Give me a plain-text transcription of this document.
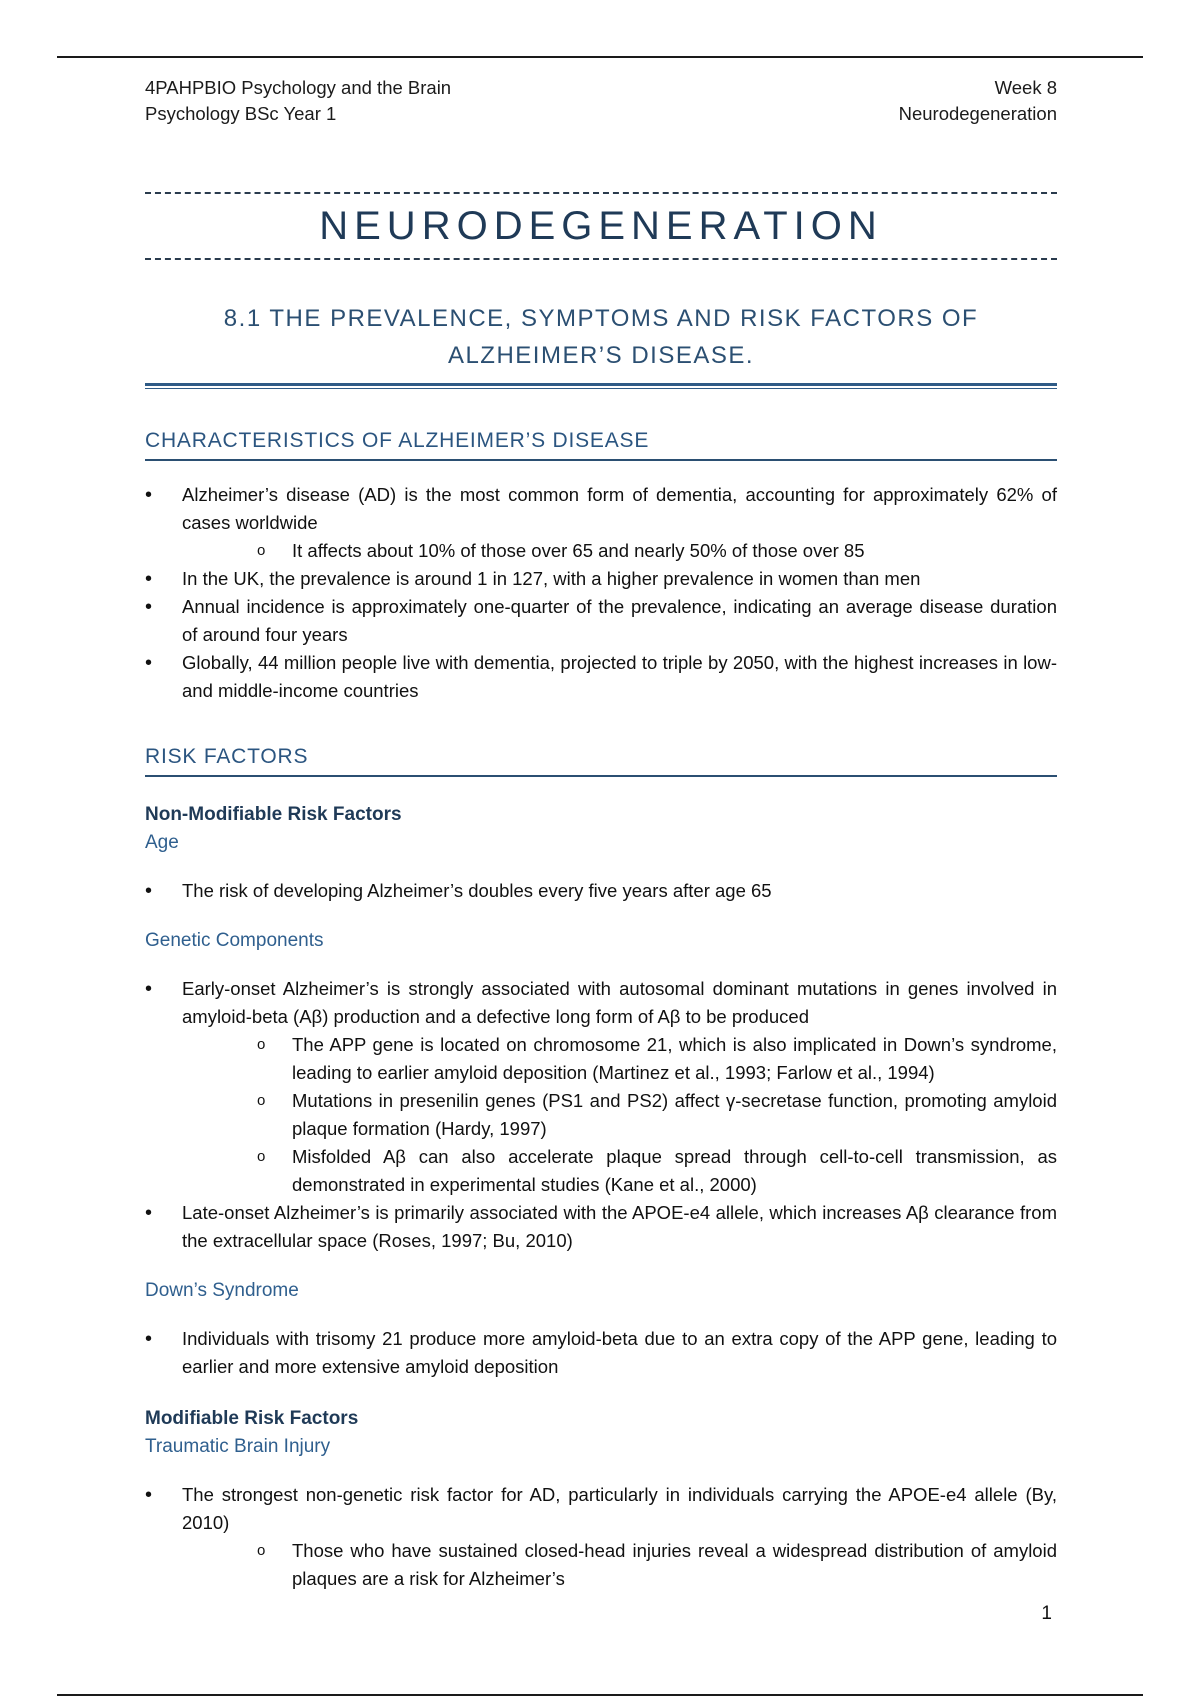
4PAHPBIO Psychology and the Brain
Psychology BSc Year 1
Week 8
Neurodegeneration
NEURODEGENERATION
8.1 THE PREVALENCE, SYMPTOMS AND RISK FACTORS OF
ALZHEIMER’S DISEASE.
CHARACTERISTICS OF ALZHEIMER’S DISEASE
• Alzheimer’s disease (AD) is the most common form of dementia, accounting for approximately 62% of cases worldwide
o It affects about 10% of those over 65 and nearly 50% of those over 85
• In the UK, the prevalence is around 1 in 127, with a higher prevalence in women than men
• Annual incidence is approximately one-quarter of the prevalence, indicating an average disease duration of around four years
• Globally, 44 million people live with dementia, projected to triple by 2050, with the highest increases in low- and middle-income countries
RISK FACTORS
Non-Modifiable Risk Factors
Age
• The risk of developing Alzheimer’s doubles every five years after age 65
Genetic Components
• Early-onset Alzheimer’s is strongly associated with autosomal dominant mutations in genes involved in amyloid-beta (Aβ) production and a defective long form of Aβ to be produced
o The APP gene is located on chromosome 21, which is also implicated in Down’s syndrome, leading to earlier amyloid deposition (Martinez et al., 1993; Farlow et al., 1994)
o Mutations in presenilin genes (PS1 and PS2) affect γ-secretase function, promoting amyloid plaque formation (Hardy, 1997)
o Misfolded Aβ can also accelerate plaque spread through cell-to-cell transmission, as demonstrated in experimental studies (Kane et al., 2000)
• Late-onset Alzheimer’s is primarily associated with the APOE-e4 allele, which increases Aβ clearance from the extracellular space (Roses, 1997; Bu, 2010)
Down’s Syndrome
• Individuals with trisomy 21 produce more amyloid-beta due to an extra copy of the APP gene, leading to earlier and more extensive amyloid deposition
Modifiable Risk Factors
Traumatic Brain Injury
• The strongest non-genetic risk factor for AD, particularly in individuals carrying the APOE-e4 allele (By, 2010)
o Those who have sustained closed-head injuries reveal a widespread distribution of amyloid plaques are a risk for Alzheimer’s
1
